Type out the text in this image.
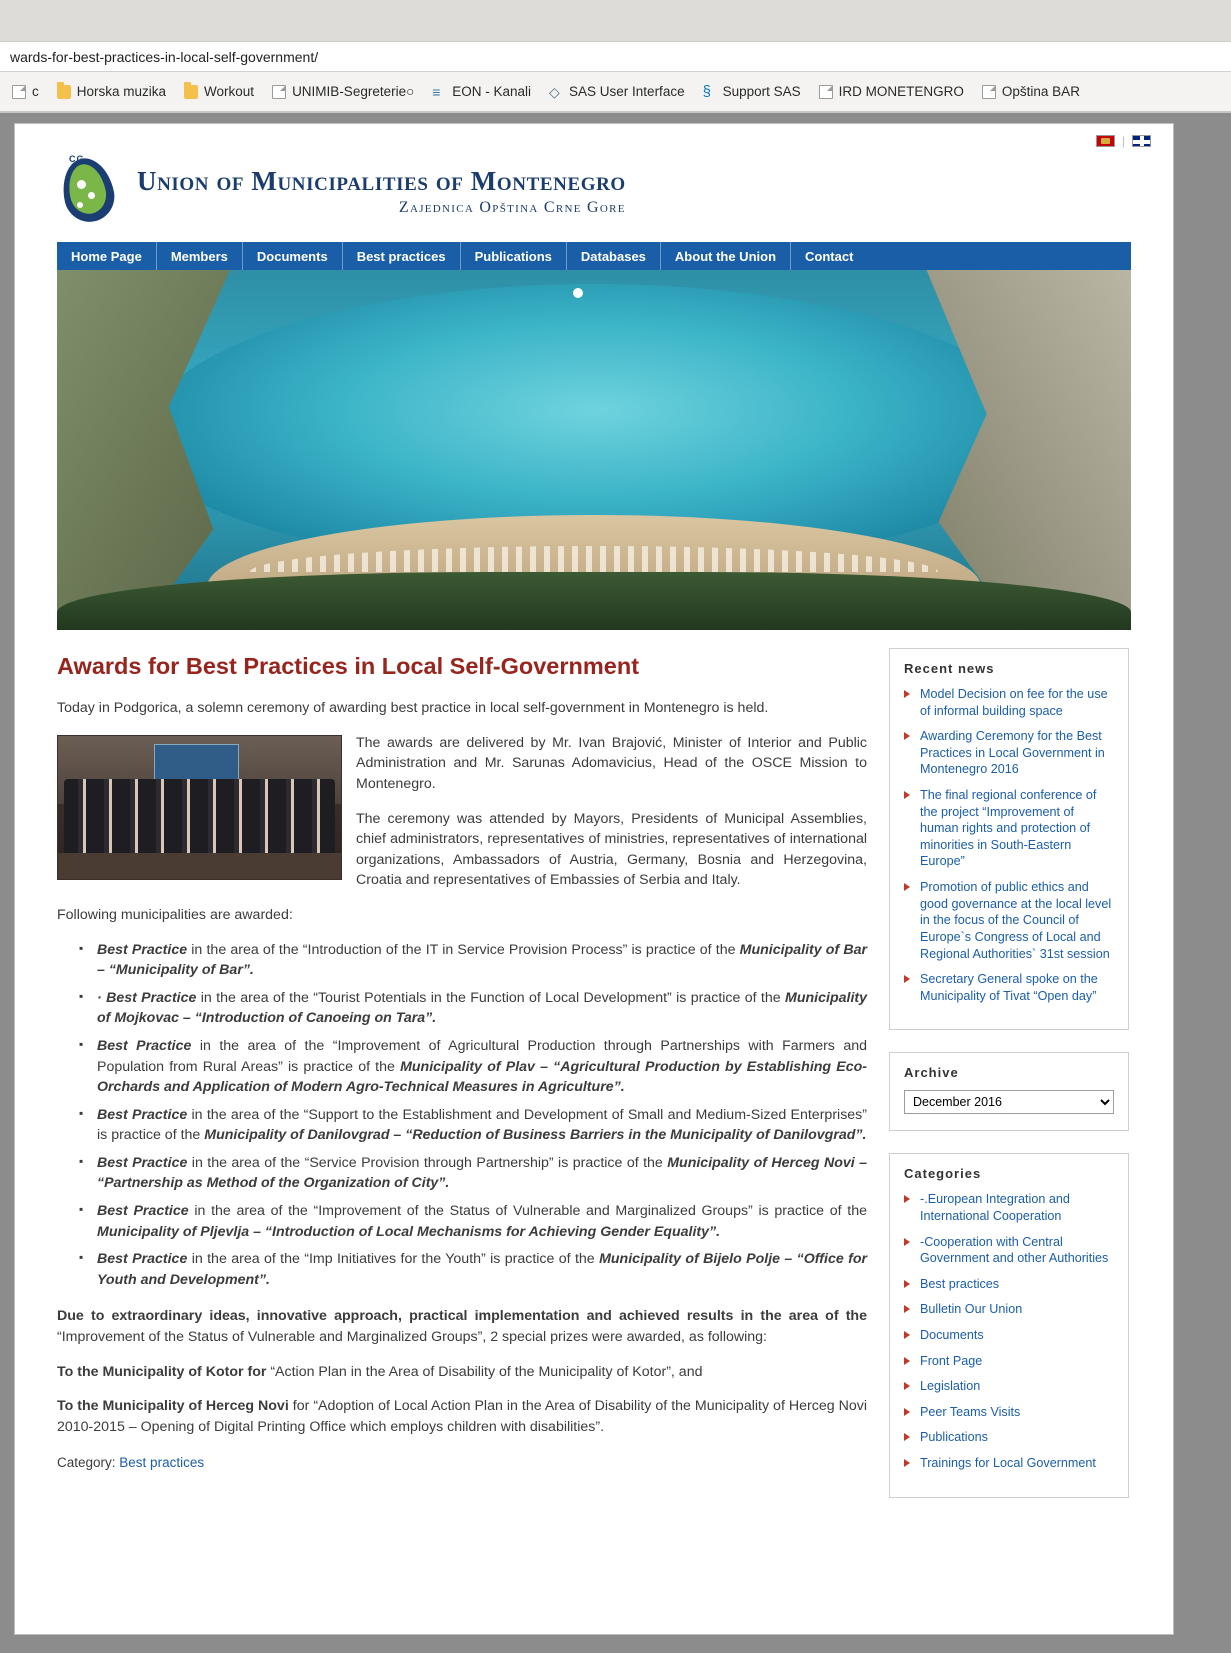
wards-for-best-practices-in-local-self-government/
c	Horska muzika	Workout	UNIMIB-Segreterie○ ≡ EON - Kanali ◇ SAS User Interface § Support SAS	IRD MONETENGRO	Opština BAR
|
CG
Union of Municipalities of Montenegro
Zajednica Opština Crne Gore
Home Page	Members	Documents	Best practices	Publications	Databases	About the Union	Contact
Awards for Best Practices in Local Self-Government

Today in Podgorica, a solemn ceremony of awarding best practice in local self-government in Montenegro is held.

The awards are delivered by Mr. Ivan Brajović, Minister of Interior and Public Administration and Mr. Sarunas Adomavicius, Head of the OSCE Mission to Montenegro.

The ceremony was attended by Mayors, Presidents of Municipal Assemblies, chief administrators, representatives of ministries, representatives of international organizations, Ambassadors of Austria, Germany, Bosnia and Herzegovina, Croatia and representatives of Embassies of Serbia and Italy.

Following municipalities are awarded:

▪ Best Practice in the area of the “Introduction of the IT in Service Provision Process” is practice of the Municipality of Bar – “Municipality of Bar”.
▪ · Best Practice in the area of the “Tourist Potentials in the Function of Local Development” is practice of the Municipality of Mojkovac – “Introduction of Canoeing on Tara”.
▪ Best Practice in the area of the “Improvement of Agricultural Production through Partnerships with Farmers and Population from Rural Areas” is practice of the Municipality of Plav – “Agricultural Production by Establishing Eco-Orchards and Application of Modern Agro-Technical Measures in Agriculture”.
▪ Best Practice in the area of the “Support to the Establishment and Development of Small and Medium-Sized Enterprises” is practice of the Municipality of Danilovgrad – “Reduction of Business Barriers in the Municipality of Danilovgrad”.
▪ Best Practice in the area of the “Service Provision through Partnership” is practice of the Municipality of Herceg Novi – “Partnership as Method of the Organization of City”.
▪ Best Practice in the area of the “Improvement of the Status of Vulnerable and Marginalized Groups” is practice of the Municipality of Pljevlja – “Introduction of Local Mechanisms for Achieving Gender Equality”.
▪ Best Practice in the area of the “Imp Initiatives for the Youth” is practice of the Municipality of Bijelo Polje – “Office for Youth and Development”.

Due to extraordinary ideas, innovative approach, practical implementation and achieved results in the area of the “Improvement of the Status of Vulnerable and Marginalized Groups”, 2 special prizes were awarded, as following:

To the Municipality of Kotor for “Action Plan in the Area of Disability of the Municipality of Kotor”, and

To the Municipality of Herceg Novi for “Adoption of Local Action Plan in the Area of Disability of the Municipality of Herceg Novi 2010-2015 – Opening of Digital Printing Office which employs children with disabilities”.

Category: Best practices
Recent news
Model Decision on fee for the use of informal building space
Awarding Ceremony for the Best Practices in Local Government in Montenegro 2016
The final regional conference of the project “Improvement of human rights and protection of minorities in South-Eastern Europe”
Promotion of public ethics and good governance at the local level in the focus of the Council of Europe`s Congress of Local and Regional Authorities` 31st session
Secretary General spoke on the Municipality of Tivat “Open day”
Archive
December 2016
Categories
-.European Integration and International Cooperation
-Cooperation with Central Government and other Authorities
Best practices
Bulletin Our Union
Documents
Front Page
Legislation
Peer Teams Visits
Publications
Trainings for Local Government
